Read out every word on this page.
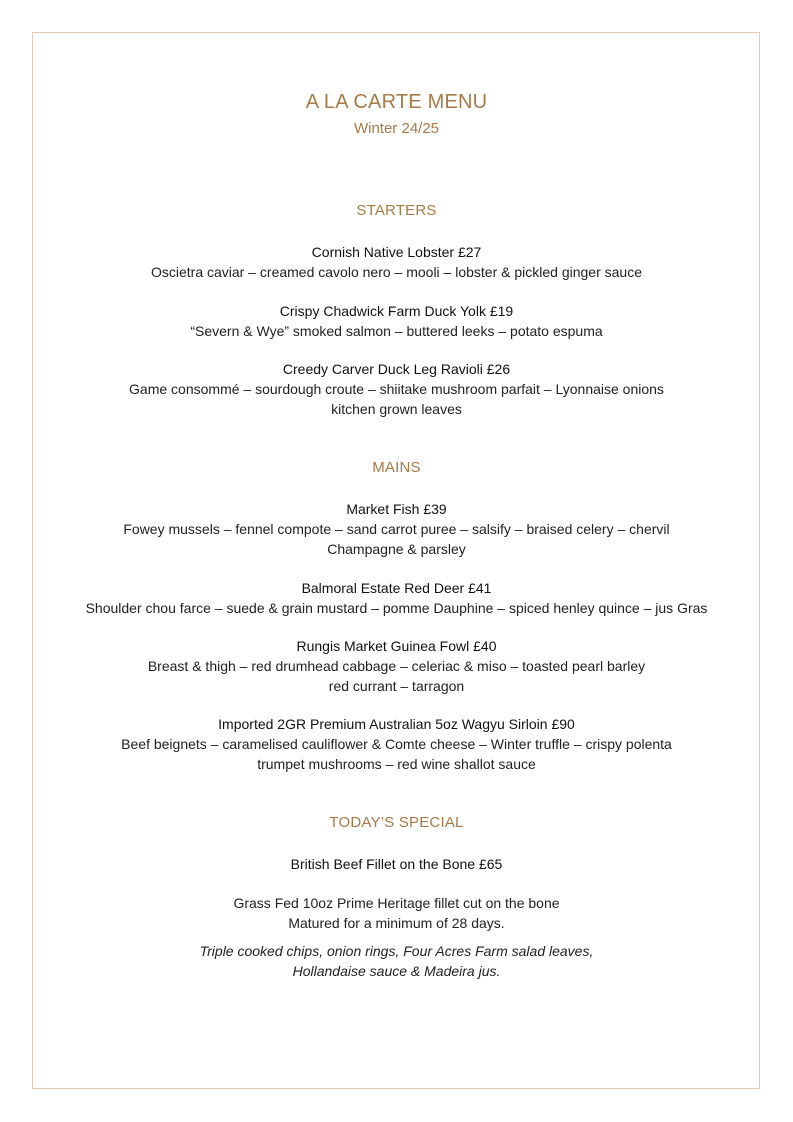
A LA CARTE MENU
Winter 24/25
STARTERS
Cornish Native Lobster £27
Oscietra caviar – creamed cavolo nero – mooli – lobster & pickled ginger sauce
Crispy Chadwick Farm Duck Yolk £19
“Severn & Wye” smoked salmon – buttered leeks – potato espuma
Creedy Carver Duck Leg Ravioli £26
Game consommé – sourdough croute – shiitake mushroom parfait – Lyonnaise onions
kitchen grown leaves
MAINS
Market Fish £39
Fowey mussels – fennel compote – sand carrot puree – salsify – braised celery – chervil
Champagne & parsley
Balmoral Estate Red Deer £41
Shoulder chou farce – suede & grain mustard – pomme Dauphine – spiced henley quince – jus Gras
Rungis Market Guinea Fowl £40
Breast & thigh – red drumhead cabbage – celeriac & miso – toasted pearl barley
red currant – tarragon
Imported 2GR Premium Australian 5oz Wagyu Sirloin £90
Beef beignets – caramelised cauliflower & Comte cheese – Winter truffle – crispy polenta
trumpet mushrooms – red wine shallot sauce
TODAY’S SPECIAL
British Beef Fillet on the Bone £65
Grass Fed 10oz Prime Heritage fillet cut on the bone
Matured for a minimum of 28 days.
Triple cooked chips, onion rings, Four Acres Farm salad leaves,
Hollandaise sauce & Madeira jus.
